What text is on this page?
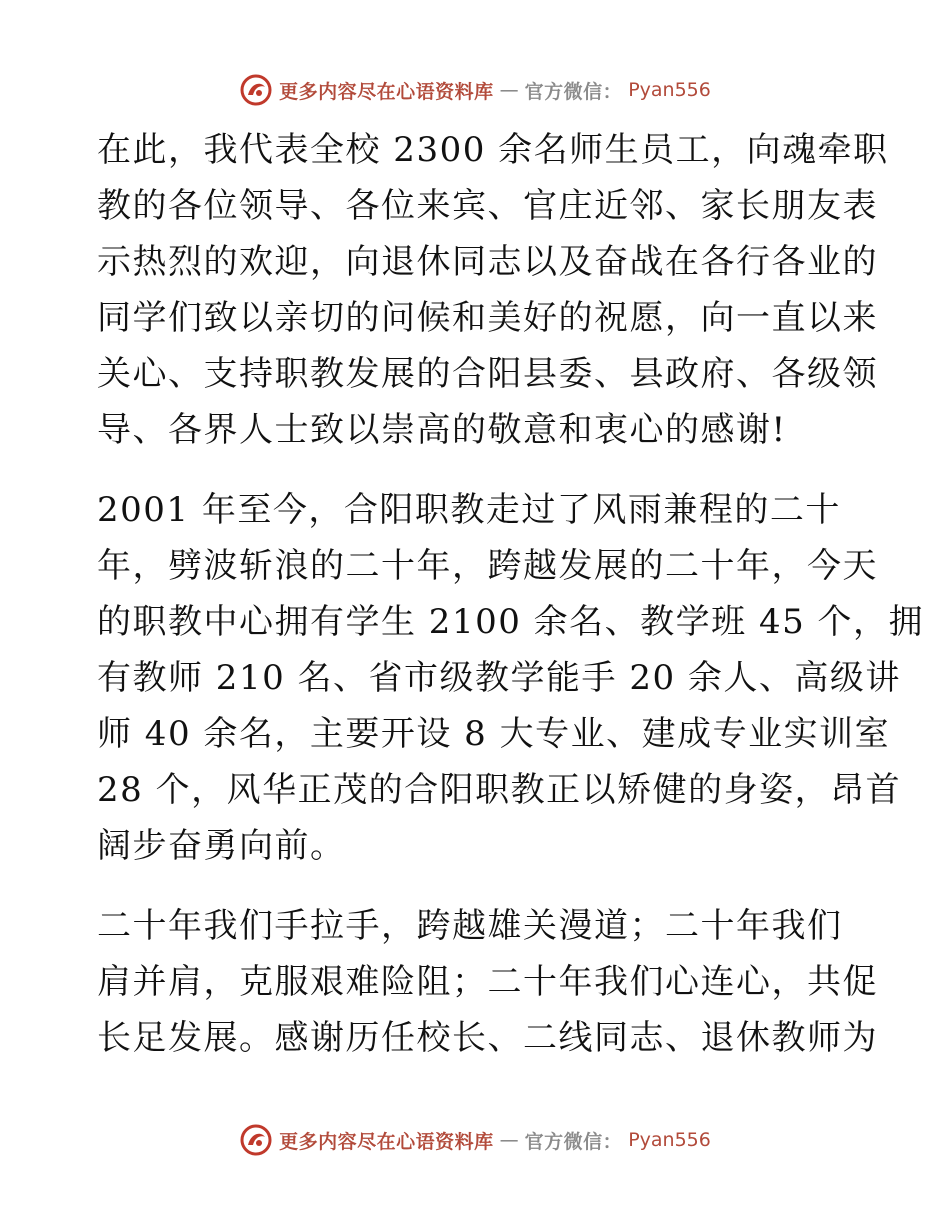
更多内容尽在心语资料库 — 官方微信： Pyan556

在此，我代表全校 2300 余名师生员工，向魂牵职
教的各位领导、各位来宾、官庄近邻、家长朋友表
示热烈的欢迎，向退休同志以及奋战在各行各业的
同学们致以亲切的问候和美好的祝愿，向一直以来
关心、支持职教发展的合阳县委、县政府、各级领
导、各界人士致以崇高的敬意和衷心的感谢!

2001 年至今，合阳职教走过了风雨兼程的二十
年，劈波斩浪的二十年，跨越发展的二十年，今天
的职教中心拥有学生 2100 余名、教学班 45 个，拥
有教师 210 名、省市级教学能手 20 余人、高级讲
师 40 余名，主要开设 8 大专业、建成专业实训室
28 个，风华正茂的合阳职教正以矫健的身姿，昂首
阔步奋勇向前。

二十年我们手拉手，跨越雄关漫道；二十年我们
肩并肩，克服艰难险阻；二十年我们心连心，共促
长足发展。感谢历任校长、二线同志、退休教师为

更多内容尽在心语资料库 — 官方微信： Pyan556
